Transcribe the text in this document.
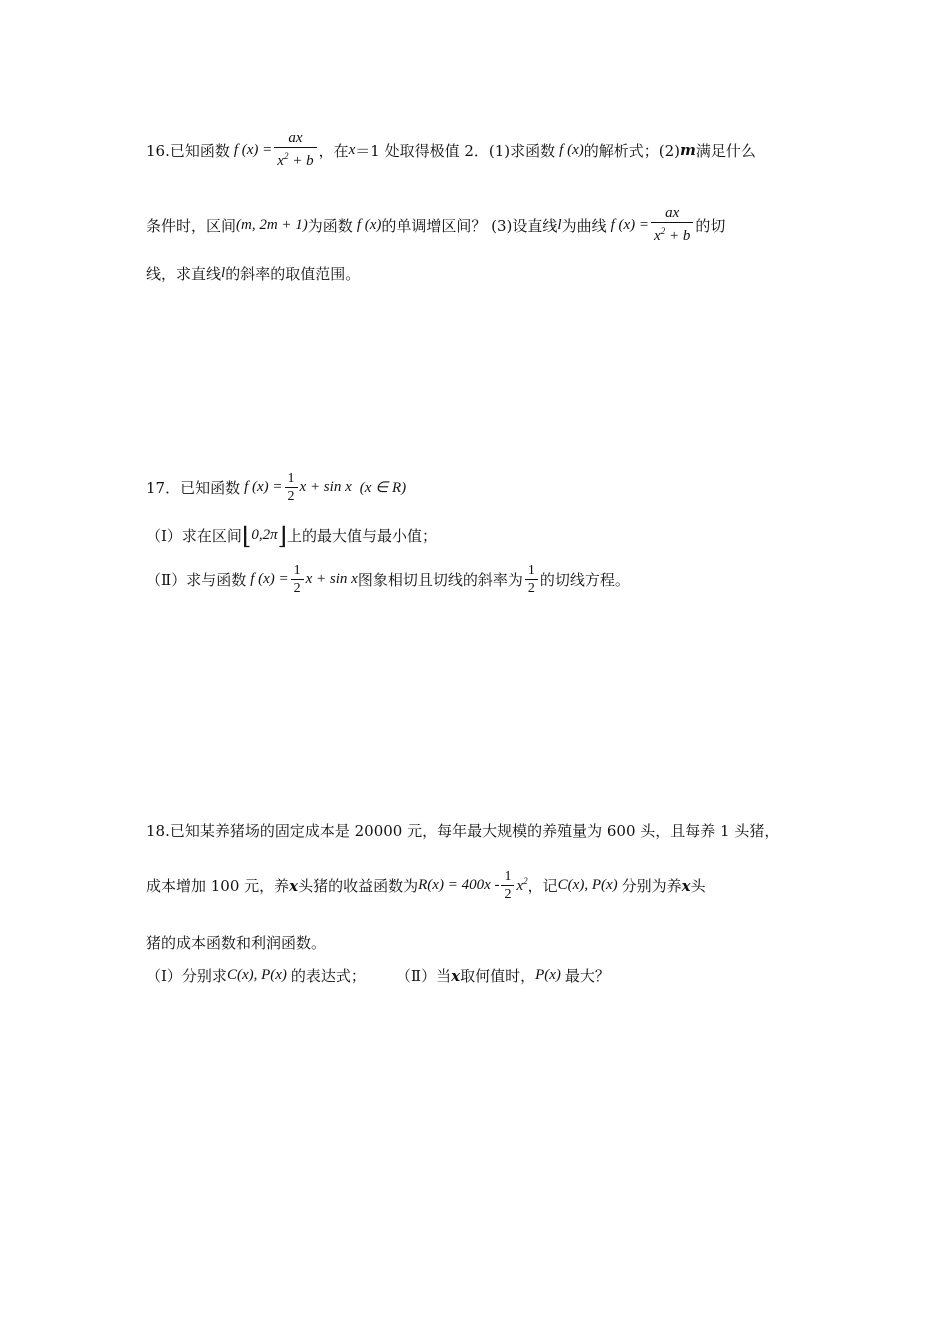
16.已知函数 f $(x) = \frac{ax}{x^2 + b}$ ，在 x ＝1 处取得极值 2．(1)求函数 f (x) 的解析式；(2) m 满足什么
条件时，区间 (m, 2m + 1) 为函数 f (x) 的单调增区间？ (3)设直线 l 为曲线 f $(x) = \frac{ax}{x^2 + b}$ 的切
线，求直线 l 的斜率的取值范围。
17．已知函数 f $(x) = \frac{1}{2}$ x + sin x (x ∈ R)
（Ⅰ）求在区间 ⌊ 0,2π ⌋ 上的最大值与最小值；
（Ⅱ）求与函数 f $(x) = \frac{1}{2}$ x + sin x 图象相切且切线的斜率为 $\frac{1}{2}$ 的切线方程。
18.已知某养猪场的固定成本是 20000 元，每年最大规模的养殖量为 600 头，且每养 1 头猪，
成本增加 100 元，养 x 头猪的收益函数为 $R(x) = 400x - \frac{1}{2} x^2$ ，记 C(x), P(x) 分别为养 x 头
猪的成本函数和利润函数。
（Ⅰ）分别求 C(x), P(x) 的表达式； （Ⅱ）当 x 取何值时， P(x) 最大？
